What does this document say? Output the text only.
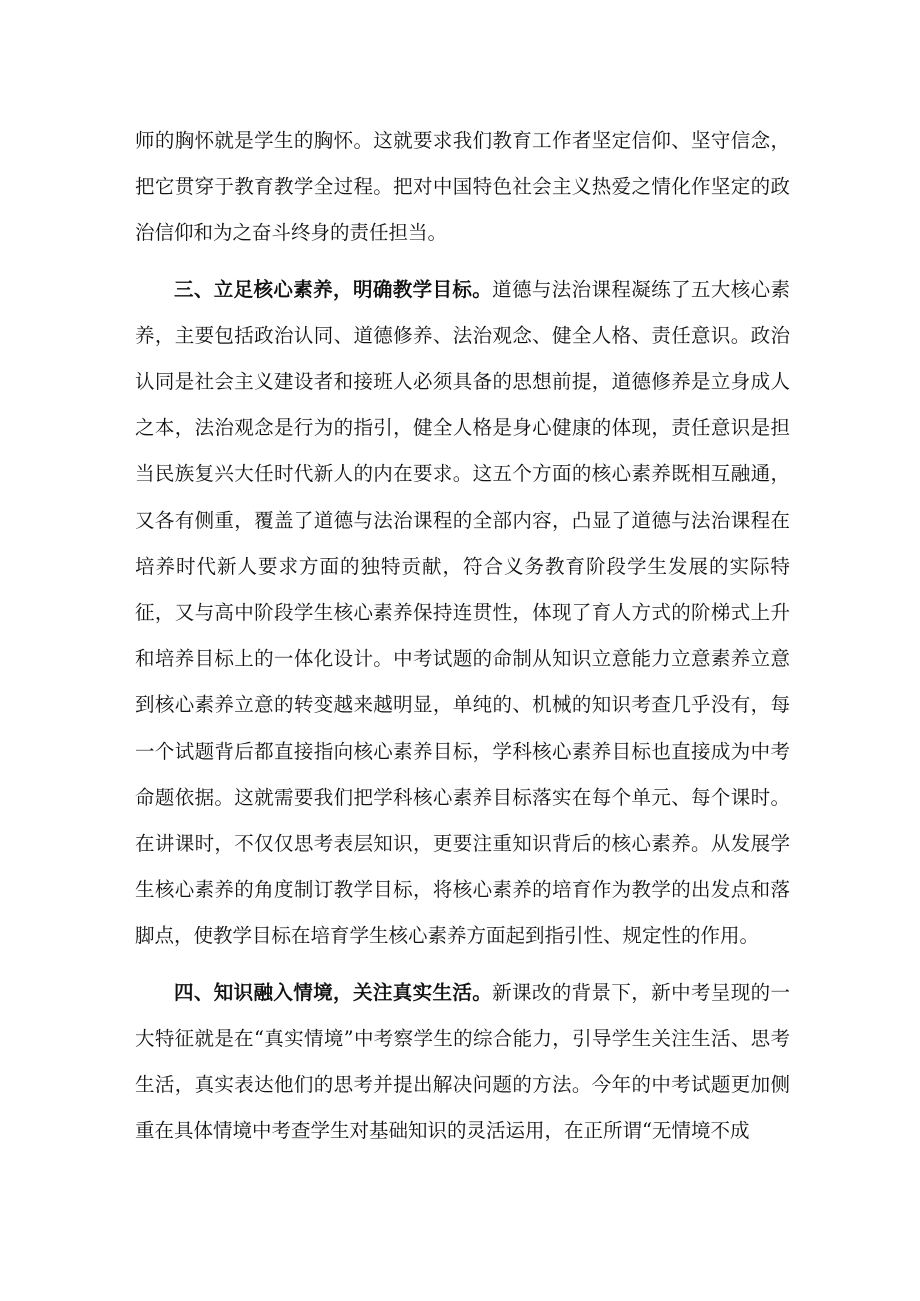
师的胸怀就是学生的胸怀。这就要求我们教育工作者坚定信仰、坚守信念，把它贯穿于教育教学全过程。把对中国特色社会主义热爱之情化作坚定的政治信仰和为之奋斗终身的责任担当。

三、立足核心素养，明确教学目标。道德与法治课程凝练了五大核心素养，主要包括政治认同、道德修养、法治观念、健全人格、责任意识。政治认同是社会主义建设者和接班人必须具备的思想前提，道德修养是立身成人之本，法治观念是行为的指引，健全人格是身心健康的体现，责任意识是担当民族复兴大任时代新人的内在要求。这五个方面的核心素养既相互融通，又各有侧重，覆盖了道德与法治课程的全部内容，凸显了道德与法治课程在培养时代新人要求方面的独特贡献，符合义务教育阶段学生发展的实际特征，又与高中阶段学生核心素养保持连贯性，体现了育人方式的阶梯式上升和培养目标上的一体化设计。中考试题的命制从知识立意能力立意素养立意到核心素养立意的转变越来越明显，单纯的、机械的知识考查几乎没有，每一个试题背后都直接指向核心素养目标，学科核心素养目标也直接成为中考命题依据。这就需要我们把学科核心素养目标落实在每个单元、每个课时。在讲课时，不仅仅思考表层知识，更要注重知识背后的核心素养。从发展学生核心素养的角度制订教学目标，将核心素养的培育作为教学的出发点和落脚点，使教学目标在培育学生核心素养方面起到指引性、规定性的作用。

四、知识融入情境，关注真实生活。新课改的背景下，新中考呈现的一大特征就是在“真实情境”中考察学生的综合能力，引导学生关注生活、思考生活，真实表达他们的思考并提出解决问题的方法。今年的中考试题更加侧重在具体情境中考查学生对基础知识的灵活运用，在正所谓“无情境不成
